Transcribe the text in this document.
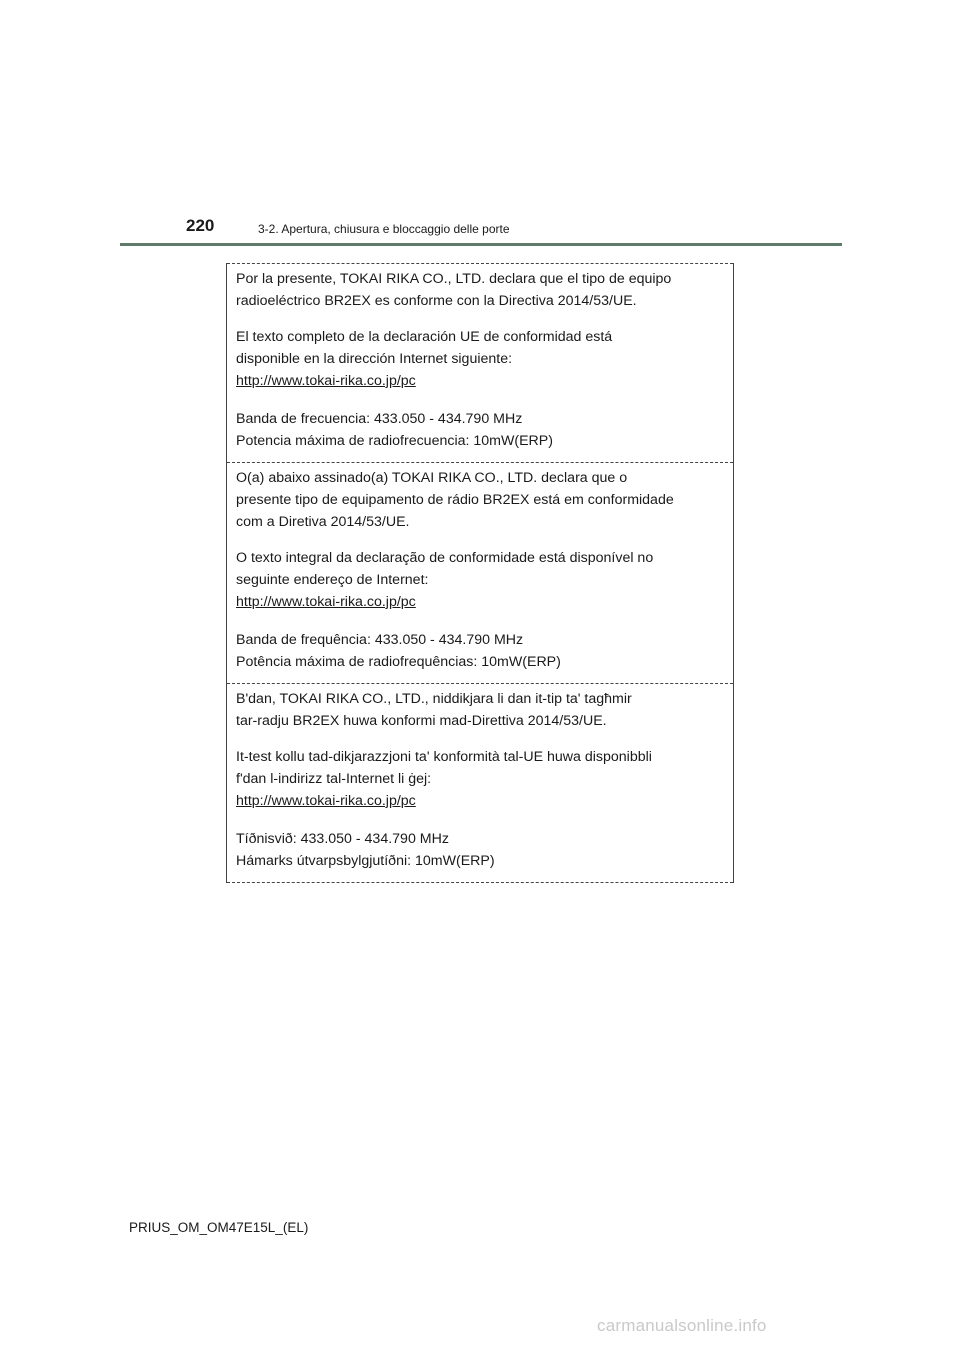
220	3-2. Apertura, chiusura e bloccaggio delle porte

Por la presente, TOKAI RIKA CO., LTD. declara que el tipo de equipo

radioeléctrico BR2EX es conforme con la Directiva 2014/53/UE.

El texto completo de la declaración UE de conformidad está

disponible en la dirección Internet siguiente:

http://www.tokai-rika.co.jp/pc

Banda de frecuencia: 433.050 - 434.790 MHz

Potencia máxima de radiofrecuencia: 10mW(ERP)

O(a) abaixo assinado(a) TOKAI RIKA CO., LTD. declara que o

presente tipo de equipamento de rádio BR2EX está em conformidade

com a Diretiva 2014/53/UE.

O texto integral da declaração de conformidade está disponível no

seguinte endereço de Internet:

http://www.tokai-rika.co.jp/pc

Banda de frequência: 433.050 - 434.790 MHz

Potência máxima de radiofrequências: 10mW(ERP)

B'dan, TOKAI RIKA CO., LTD., niddikjara li dan it-tip ta' tagħmir

tar-radju BR2EX huwa konformi mad-Direttiva 2014/53/UE.

It-test kollu tad-dikjarazzjoni ta' konformità tal-UE huwa disponibbli

f'dan l-indirizz tal-Internet li ġej:

http://www.tokai-rika.co.jp/pc

Tíðnisvið: 433.050 - 434.790 MHz

Hámarks útvarpsbylgjutíðni: 10mW(ERP)

PRIUS_OM_OM47E15L_(EL)
carmanualsonline.info
